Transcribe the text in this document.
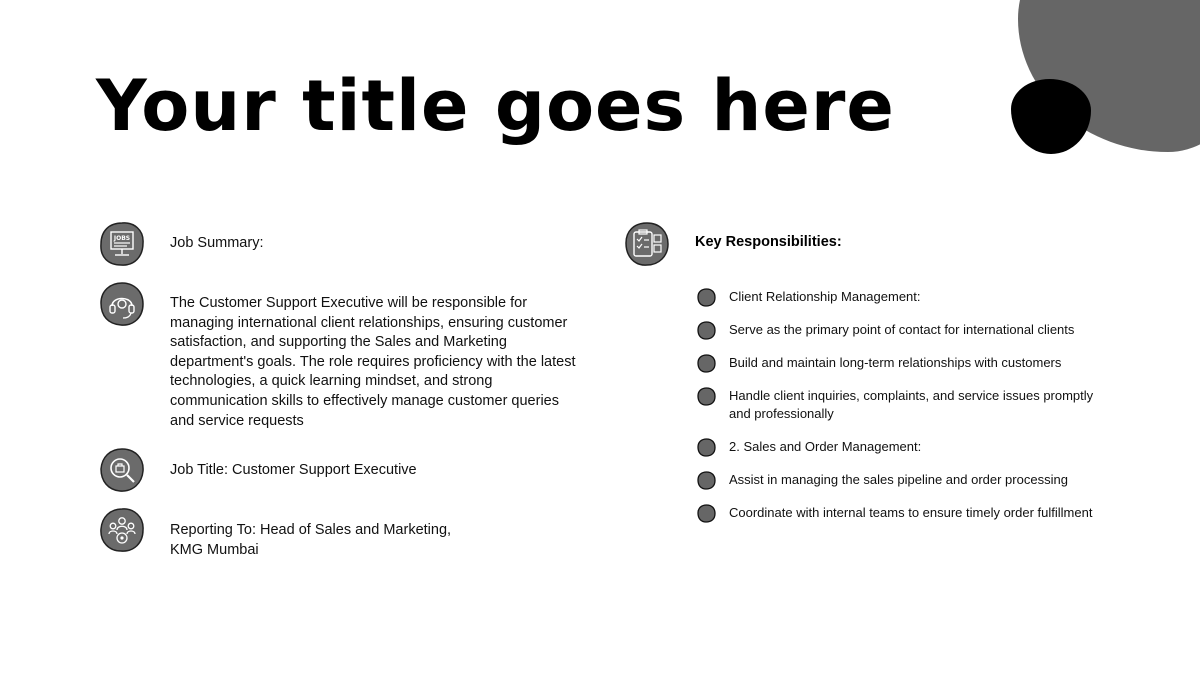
Your title goes here
JOBS	Job Summary:
The Customer Support Executive will be responsible for managing international client relationships, ensuring customer satisfaction, and supporting the Sales and Marketing department's goals. The role requires proficiency with the latest technologies, a quick learning mindset, and strong communication skills to effectively manage customer queries and service requests
Job Title: Customer Support Executive
Reporting To: Head of Sales and Marketing, KMG Mumbai
Key Responsibilities:
Client Relationship Management:
Serve as the primary point of contact for international clients
Build and maintain long-term relationships with customers
Handle client inquiries, complaints, and service issues promptly and professionally
2. Sales and Order Management:
Assist in managing the sales pipeline and order processing
Coordinate with internal teams to ensure timely order fulfillment
